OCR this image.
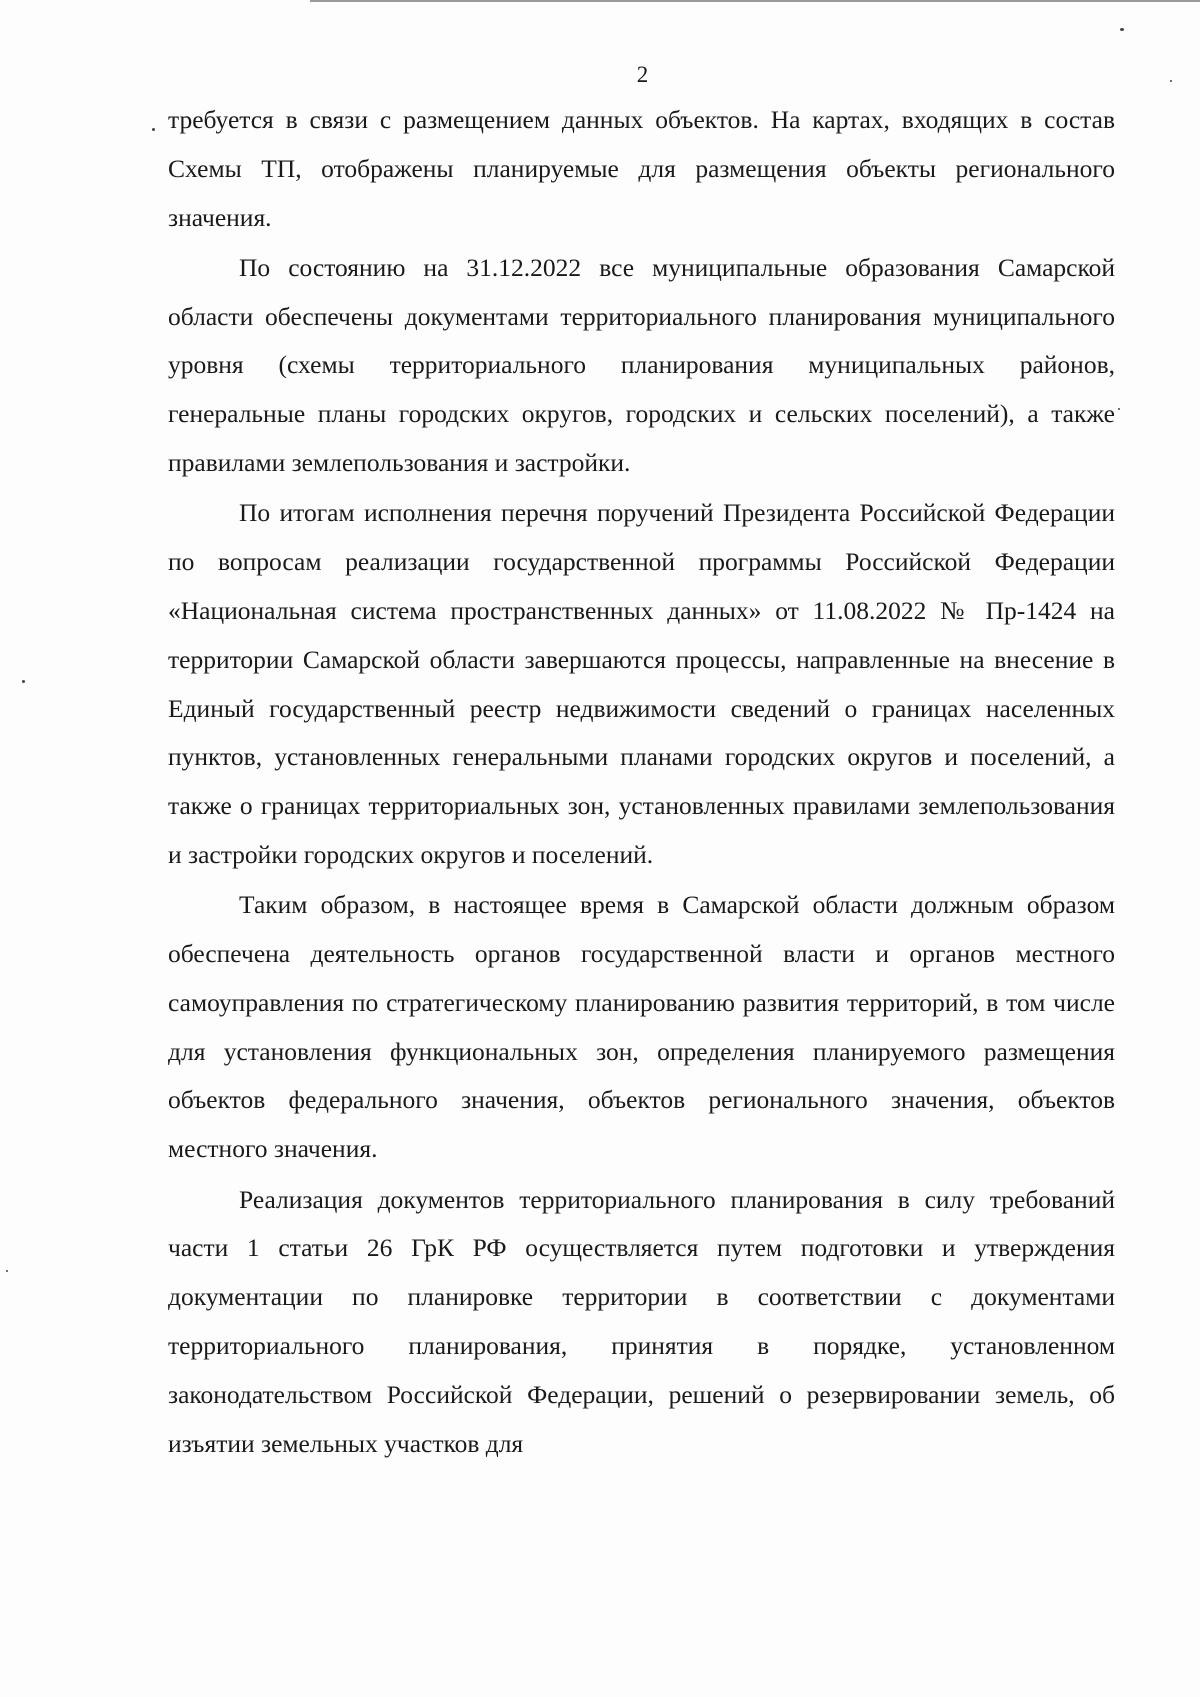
2

требуется в связи с размещением данных объектов. На картах, входящих в состав Схемы ТП, отображены планируемые для размещения объекты регионального значения.

По состоянию на 31.12.2022 все муниципальные образования Самарской области обеспечены документами территориального планирования муниципального уровня (схемы территориального планирования муниципальных районов, генеральные планы городских округов, городских и сельских поселений), а также правилами землепользования и застройки.

По итогам исполнения перечня поручений Президента Российской Федерации по вопросам реализации государственной программы Российской Федерации «Национальная система пространственных данных» от 11.08.2022 № Пр-1424 на территории Самарской области завершаются процессы, направленные на внесение в Единый государственный реестр недвижимости сведений о границах населенных пунктов, установленных генеральными планами городских округов и поселений, а также о границах территориальных зон, установленных правилами землепользования и застройки городских округов и поселений.

Таким образом, в настоящее время в Самарской области должным образом обеспечена деятельность органов государственной власти и органов местного самоуправления по стратегическому планированию развития территорий, в том числе для установления функциональных зон, определения планируемого размещения объектов федерального значения, объектов регионального значения, объектов местного значения.

Реализация документов территориального планирования в силу требований части 1 статьи 26 ГрК РФ осуществляется путем подготовки и утверждения документации по планировке территории в соответствии с документами территориального планирования, принятия в порядке, установленном законодательством Российской Федерации, решений о резервировании земель, об изъятии земельных участков для
